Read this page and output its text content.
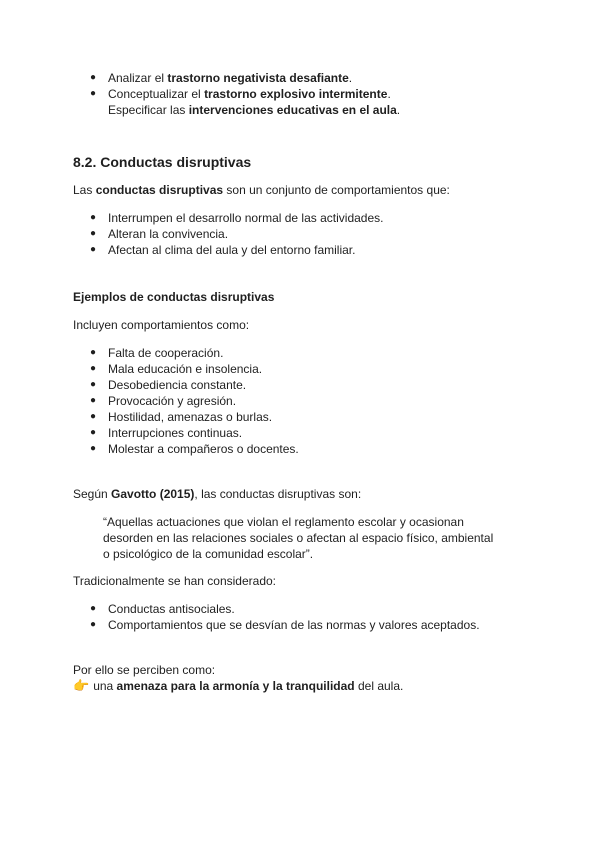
● Analizar el trastorno negativista desafiante.
● Conceptualizar el trastorno explosivo intermitente.
Especificar las intervenciones educativas en el aula.
8.2. Conductas disruptivas
Las conductas disruptivas son un conjunto de comportamientos que:
● Interrumpen el desarrollo normal de las actividades.
● Alteran la convivencia.
● Afectan al clima del aula y del entorno familiar.
Ejemplos de conductas disruptivas
Incluyen comportamientos como:
● Falta de cooperación.
● Mala educación e insolencia.
● Desobediencia constante.
● Provocación y agresión.
● Hostilidad, amenazas o burlas.
● Interrupciones continuas.
● Molestar a compañeros o docentes.
Según Gavotto (2015), las conductas disruptivas son:
“Aquellas actuaciones que violan el reglamento escolar y ocasionan
desorden en las relaciones sociales o afectan al espacio físico, ambiental
o psicológico de la comunidad escolar”.
Tradicionalmente se han considerado:
● Conductas antisociales.
● Comportamientos que se desvían de las normas y valores aceptados.
Por ello se perciben como:
👉 una amenaza para la armonía y la tranquilidad del aula.
